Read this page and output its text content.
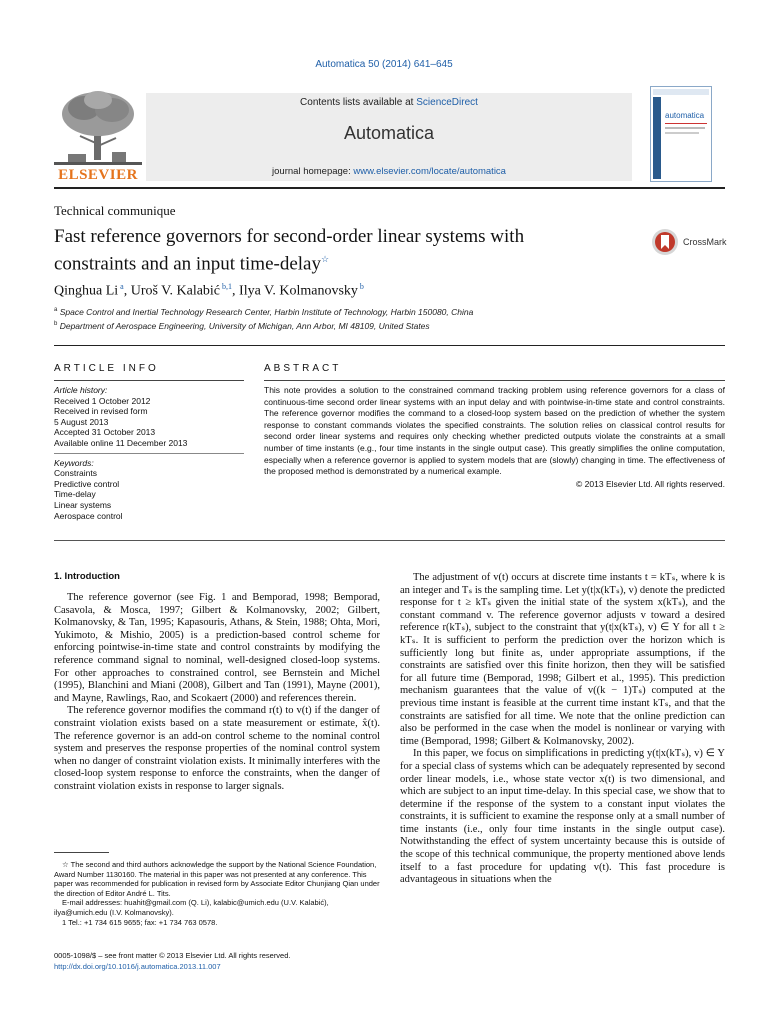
Automatica 50 (2014) 641–645
ELSEVIER
Contents lists available at ScienceDirect
Automatica
journal homepage: www.elsevier.com/locate/automatica
automatica
Technical communique
Fast reference governors for second-order linear systems with
constraints and an input time-delay☆
CrossMark
Qinghua Li $^a$, Uroš V. Kalabić $^{b,1}$, Ilya V. Kolmanovsky $^b$
$^a$ Space Control and Inertial Technology Research Center, Harbin Institute of Technology, Harbin 150080, China
$^b$ Department of Aerospace Engineering, University of Michigan, Ann Arbor, MI 48109, United States
ARTICLE INFO
Article history:
Received 1 October 2012
Received in revised form
5 August 2013
Accepted 31 October 2013
Available online 11 December 2013
Keywords:
Constraints
Predictive control
Time-delay
Linear systems
Aerospace control
ABSTRACT
This note provides a solution to the constrained command tracking problem using reference governors for a class of continuous-time second order linear systems with an input delay and with pointwise-in-time state and control constraints. The reference governor modifies the command to a closed-loop system based on the prediction of whether the system response to constant commands violates the specified constraints. The solution relies on classical control results for second order linear systems and requires only checking whether predicted outputs violate the constraints at a small number of time instants (e.g., four time instants in the single output case). This greatly simplifies the online computation, especially when a reference governor is applied to system models that are (slowly) changing in time. The effectiveness of the proposed method is demonstrated by a numerical example.
© 2013 Elsevier Ltd. All rights reserved.
1. Introduction

The reference governor (see Fig. 1 and Bemporad, 1998; Bemporad, Casavola, & Mosca, 1997; Gilbert & Kolmanovsky, 2002; Gilbert, Kolmanovsky, & Tan, 1995; Kapasouris, Athans, & Stein, 1988; Ohta, Mori, Yukimoto, & Mishio, 2005) is a prediction-based control scheme for enforcing pointwise-in-time state and control constraints by modifying the reference command signal to nominal, well-designed closed-loop systems. For other approaches to constrained control, see Bernstein and Michel (1995), Blanchini and Miani (2008), Gilbert and Tan (1991), Mayne (2001), and Mayne, Rawlings, Rao, and Scokaert (2000) and references therein.

The reference governor modifies the command r(t) to v(t) if the danger of constraint violation exists based on a state measurement or estimate, x̂(t). The reference governor is an add-on control scheme to the nominal control system and preserves the response properties of the nominal control system when no danger of constraint violation exists. It minimally interferes with the closed-loop system response to enforce the constraints, when the danger of constraint violation exists in response to larger signals.

The adjustment of v(t) occurs at discrete time instants t = kTₛ, where k is an integer and Tₛ is the sampling time. Let y(t|x(kTₛ), v) denote the predicted response for t ≥ kTₛ given the initial state of the system x(kTₛ), and the constant command v. The reference governor adjusts v toward a desired reference r(kTₛ), subject to the constraint that y(t|x(kTₛ), v) ∈ Y for all t ≥ kTₛ. It is sufficient to perform the prediction over the horizon which is sufficiently long but finite as, under appropriate assumptions, if the constraints are satisfied over this finite horizon, then they will be satisfied for all future time (Bemporad, 1998; Gilbert et al., 1995). This prediction mechanism guarantees that the value of v((k − 1)Tₛ) computed at the previous time instant is feasible at the current time instant kTₛ, and that the constraints are satisfied for all time. We note that the online prediction can also be performed in the case when the model is nonlinear or varying with time (Bemporad, 1998; Gilbert & Kolmanovsky, 2002).

In this paper, we focus on simplifications in predicting y(t|x(kTₛ), v) ∈ Y for a special class of systems which can be adequately represented by second order linear models, i.e., whose state vector x(t) is two dimensional, and which are subject to an input time-delay. In this special case, we show that to determine if the response of the system to a constant input violates the constraints, it is sufficient to examine the response only at a small number of time instants (i.e., only four time instants in the single output case). Notwithstanding the effect of system uncertainty because this is outside of the scope of this technical communique, the property mentioned above lends itself to a fast procedure for updating v(t). This fast procedure is advantageous in situations when the

☆ The second and third authors acknowledge the support by the National Science Foundation, Award Number 1130160. The material in this paper was not presented at any conference. This paper was recommended for publication in revised form by Associate Editor Chunjiang Qian under the direction of Editor André L. Tits.

E-mail addresses: huahit@gmail.com (Q. Li), kalabic@umich.edu (U.V. Kalabić), ilya@umich.edu (I.V. Kolmanovsky).

1 Tel.: +1 734 615 9655; fax: +1 734 763 0578.

0005-1098/$ – see front matter © 2013 Elsevier Ltd. All rights reserved.
http://dx.doi.org/10.1016/j.automatica.2013.11.007
